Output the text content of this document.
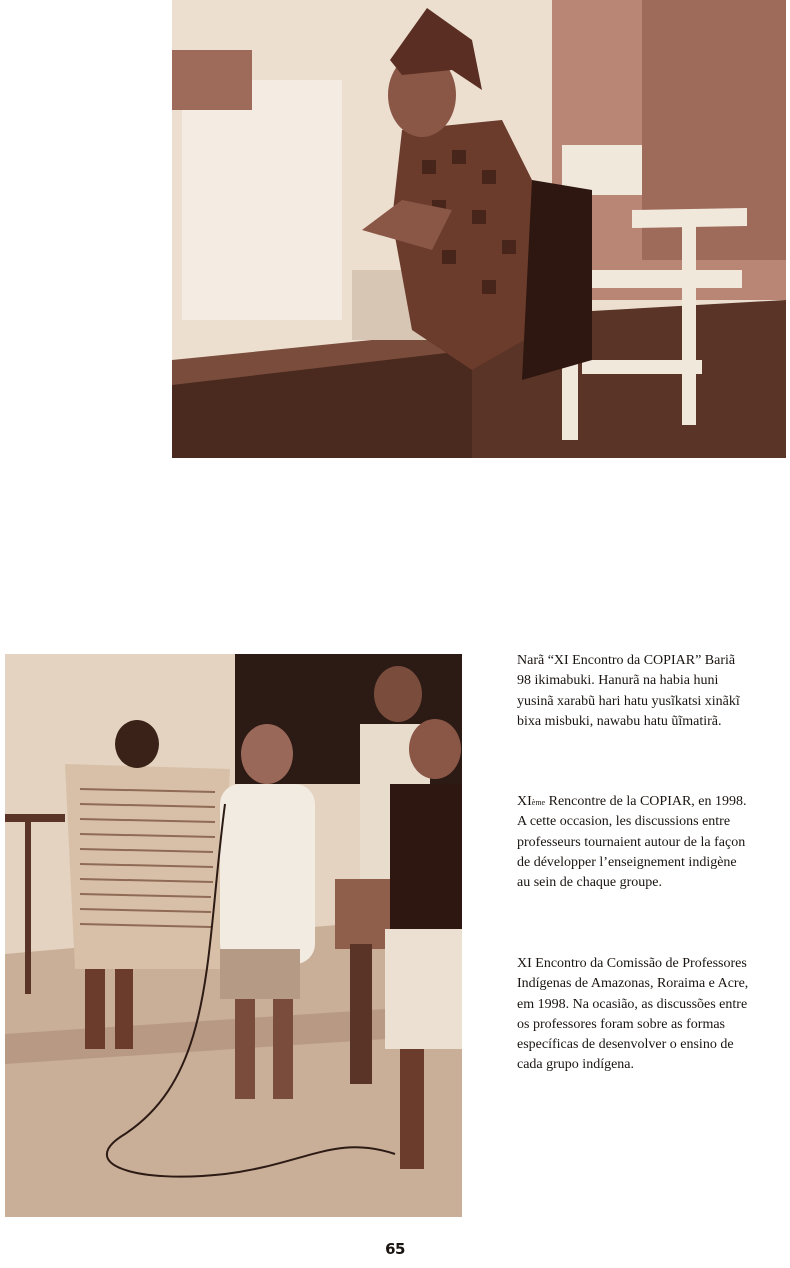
Narã “XI Encontro da COPIAR” Bariã 98 ikimabuki. Hanurã na habia huni yusinã xarabũ hari hatu yusĩkatsi xinãkĩ bixa misbuki, nawabu hatu ũĩmatirã.

XIème Rencontre de la COPIAR, en 1998. A cette occasion, les discussions entre professeurs tournaient autour de la façon de développer l’enseignement indigène au sein de chaque groupe.

XI Encontro da Comissão de Professores Indígenas de Amazonas, Roraima e Acre, em 1998. Na ocasião, as discussões entre os professores foram sobre as formas específicas de desenvolver o ensino de cada grupo indígena.

65
